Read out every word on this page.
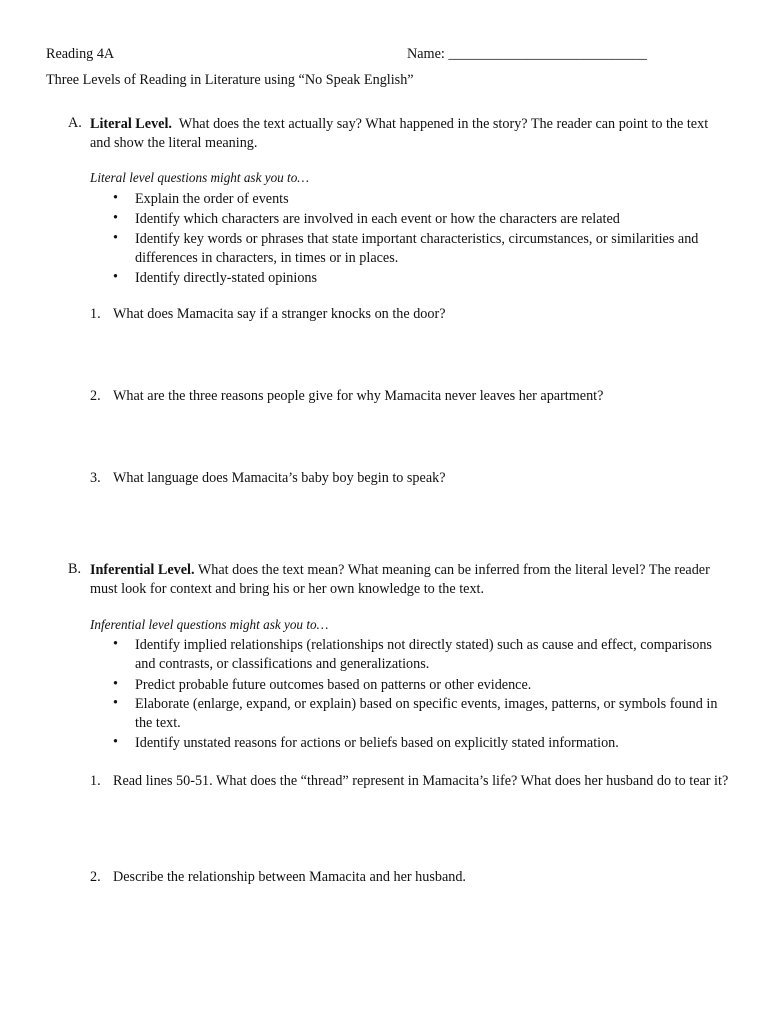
Reading 4A	Name: ____________________________
Three Levels of Reading in Literature using “No Speak English”
A. Literal Level. What does the text actually say? What happened in the story? The reader can point to the text and show the literal meaning.
Literal level questions might ask you to…
• Explain the order of events
• Identify which characters are involved in each event or how the characters are related
• Identify key words or phrases that state important characteristics, circumstances, or similarities and differences in characters, in times or in places.
• Identify directly-stated opinions
1. What does Mamacita say if a stranger knocks on the door?
2. What are the three reasons people give for why Mamacita never leaves her apartment?
3. What language does Mamacita’s baby boy begin to speak?
B. Inferential Level. What does the text mean? What meaning can be inferred from the literal level? The reader must look for context and bring his or her own knowledge to the text.
Inferential level questions might ask you to…
• Identify implied relationships (relationships not directly stated) such as cause and effect, comparisons and contrasts, or classifications and generalizations.
• Predict probable future outcomes based on patterns or other evidence.
• Elaborate (enlarge, expand, or explain) based on specific events, images, patterns, or symbols found in the text.
• Identify unstated reasons for actions or beliefs based on explicitly stated information.
1. Read lines 50-51. What does the “thread” represent in Mamacita’s life? What does her husband do to tear it?
2. Describe the relationship between Mamacita and her husband.
